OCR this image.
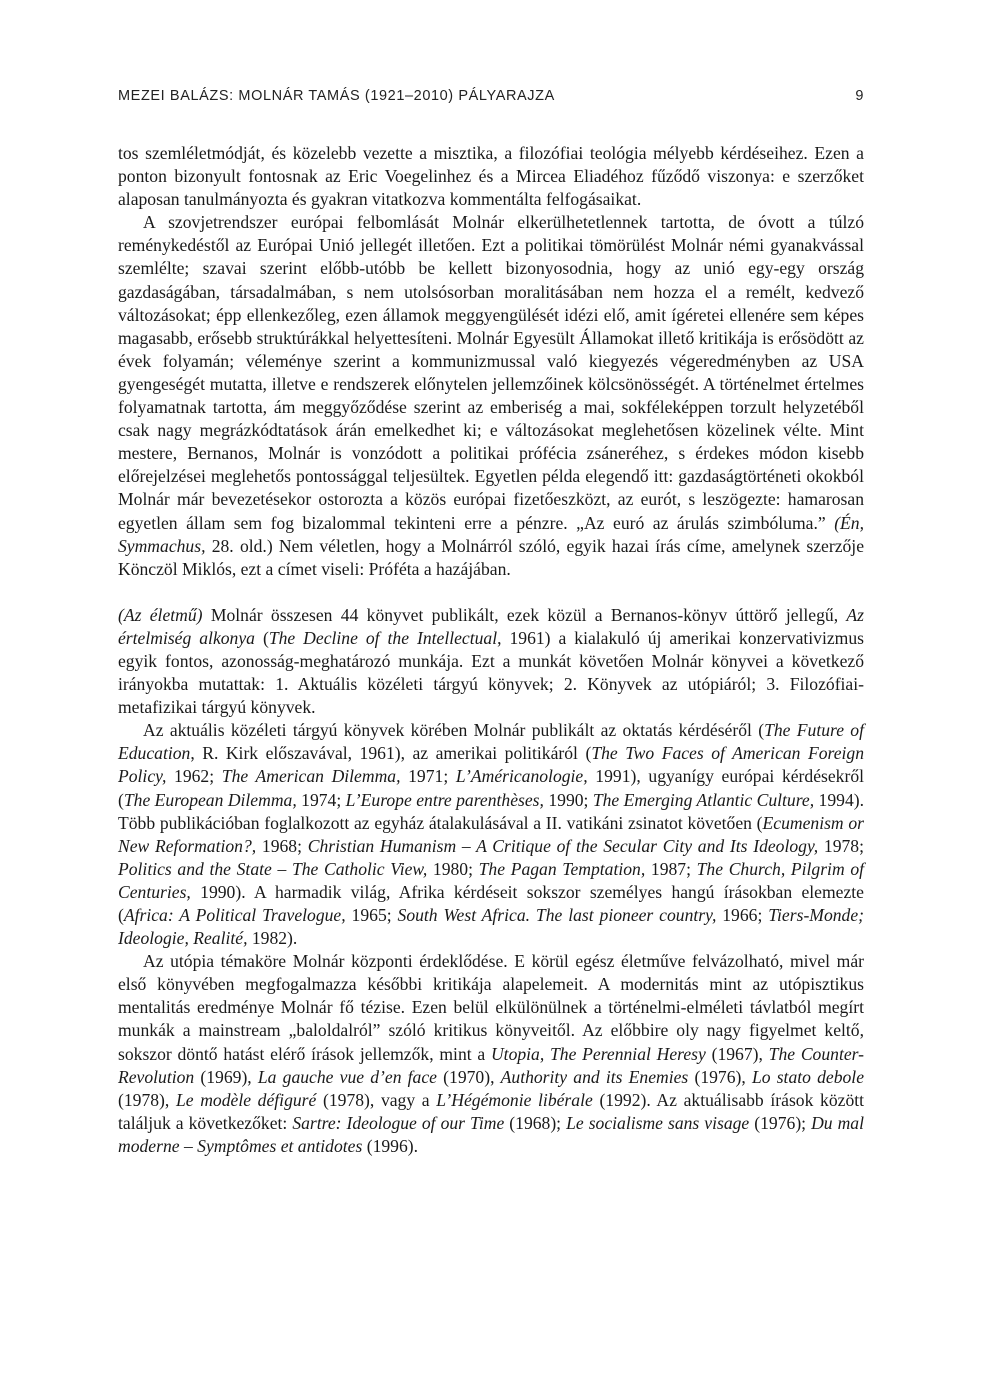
MEZEI BALÁZS: MOLNÁR TAMÁS (1921–2010) PÁLYARAJZA	9

tos szemléletmódját, és közelebb vezette a misztika, a filozófiai teológia mélyebb kérdéseihez. Ezen a ponton bizonyult fontosnak az Eric Voegelinhez és a Mircea Eliadéhoz fűződő viszonya: e szerzőket alaposan tanulmányozta és gyakran vitatkozva kommentálta felfogásaikat.

A szovjetrendszer európai felbomlását Molnár elkerülhetetlennek tartotta, de óvott a túlzó reménykedéstől az Európai Unió jellegét illetően. Ezt a politikai tömörülést Molnár némi gyanakvással szemlélte; szavai szerint előbb-utóbb be kellett bizonyosodnia, hogy az unió egy-egy ország gazdaságában, társadalmában, s nem utolsósorban moralitásában nem hozza el a remélt, kedvező változásokat; épp ellenkezőleg, ezen államok meggyengülését idézi elő, amit ígéretei ellenére sem képes magasabb, erősebb struktúrákkal helyettesíteni. Molnár Egyesült Államokat illető kritikája is erősödött az évek folyamán; véleménye szerint a kommunizmussal való kiegyezés végeredményben az USA gyengeségét mutatta, illetve e rendszerek előnytelen jellemzőinek kölcsönösségét. A történelmet értelmes folyamatnak tartotta, ám meggyőződése szerint az emberiség a mai, sokféleképpen torzult helyzetéből csak nagy megrázkódtatások árán emelkedhet ki; e változásokat meglehetősen közelinek vélte. Mint mestere, Bernanos, Molnár is vonzódott a politikai prófécia zsáneréhez, s érdekes módon kisebb előrejelzései meglehetős pontossággal teljesültek. Egyetlen példa elegendő itt: gazdaságtörténeti okokból Molnár már bevezetésekor ostorozta a közös európai fizetőeszközt, az eurót, s leszögezte: hamarosan egyetlen állam sem fog bizalommal tekinteni erre a pénzre. „Az euró az árulás szimbóluma.” (Én, Symmachus, 28. old.) Nem véletlen, hogy a Molnárról szóló, egyik hazai írás címe, amelynek szerzője Könczöl Miklós, ezt a címet viseli: Próféta a hazájában.

(Az életmű) Molnár összesen 44 könyvet publikált, ezek közül a Bernanos-könyv úttörő jellegű, Az értelmiség alkonya (The Decline of the Intellectual, 1961) a kialakuló új amerikai konzervativizmus egyik fontos, azonosság-meghatározó munkája. Ezt a munkát követően Molnár könyvei a következő irányokba mutattak: 1. Aktuális közéleti tárgyú könyvek; 2. Könyvek az utópiáról; 3. Filozófiai-metafizikai tárgyú könyvek.

Az aktuális közéleti tárgyú könyvek körében Molnár publikált az oktatás kérdéséről (The Future of Education, R. Kirk előszavával, 1961), az amerikai politikáról (The Two Faces of American Foreign Policy, 1962; The American Dilemma, 1971; L’Américanologie, 1991), ugyanígy európai kérdésekről (The European Dilemma, 1974; L’Europe entre parenthèses, 1990; The Emerging Atlantic Culture, 1994). Több publikációban foglalkozott az egyház átalakulásával a II. vatikáni zsinatot követően (Ecumenism or New Reformation?, 1968; Christian Humanism – A Critique of the Secular City and Its Ideology, 1978; Politics and the State – The Catholic View, 1980; The Pagan Temptation, 1987; The Church, Pilgrim of Centuries, 1990). A harmadik világ, Afrika kérdéseit sokszor személyes hangú írásokban elemezte (Africa: A Political Travelogue, 1965; South West Africa. The last pioneer country, 1966; Tiers-Monde; Ideologie, Realité, 1982).

Az utópia témaköre Molnár központi érdeklődése. E körül egész életműve felvázolható, mivel már első könyvében megfogalmazza későbbi kritikája alapelemeit. A modernitás mint az utópisztikus mentalitás eredménye Molnár fő tézise. Ezen belül elkülönülnek a történelmi-elméleti távlatból megírt munkák a mainstream „baloldalról” szóló kritikus könyveitől. Az előbbire oly nagy figyelmet keltő, sokszor döntő hatást elérő írások jellemzők, mint a Utopia, The Perennial Heresy (1967), The Counter-Revolution (1969), La gauche vue d’en face (1970), Authority and its Enemies (1976), Lo stato debole (1978), Le modèle défiguré (1978), vagy a L’Hégémonie libérale (1992). Az aktuálisabb írások között találjuk a következőket: Sartre: Ideologue of our Time (1968); Le socialisme sans visage (1976); Du mal moderne – Symptômes et antidotes (1996).
